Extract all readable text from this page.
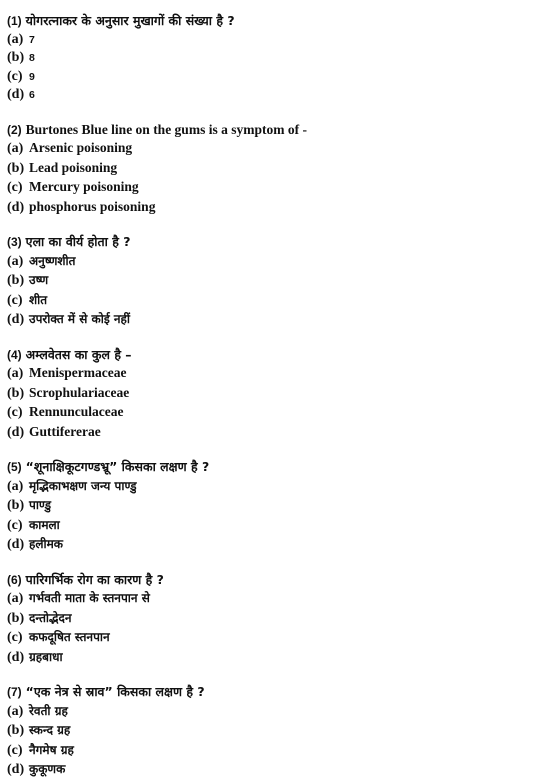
(1) योगरत्नाकर के अनुसार मुखागों की संख्या है ?
(a) 7
(b) 8
(c) 9
(d) 6
(2) Burtones Blue line on the gums is a symptom of -
(a) Arsenic poisoning
(b) Lead poisoning
(c) Mercury poisoning
(d) phosphorus poisoning
(3) एला का वीर्य होता है ?
(a) अनुष्णशीत
(b) उष्ण
(c) शीत
(d) उपरोक्त में से कोई नहीं
(4) अम्लवेतस का कुल है –
(a) Menispermaceae
(b) Scrophulariaceae
(c) Rennunculaceae
(d) Guttifererae
(5) “शूनाक्षिकूटगण्डभ्रू” किसका लक्षण है ?
(a) मृद्भिकाभक्षण जन्य पाण्डु
(b) पाण्डु
(c) कामला
(d) हलीमक
(6) पारिगर्भिक रोग का कारण है ?
(a) गर्भवती माता के स्तनपान से
(b) दन्तोद्भेदन
(c) कफदूषित स्तनपान
(d) ग्रहबाधा
(7) “एक नेत्र से स्राव” किसका लक्षण है ?
(a) रेवती ग्रह
(b) स्कन्द ग्रह
(c) नैगमेष ग्रह
(d) कुकूणक
